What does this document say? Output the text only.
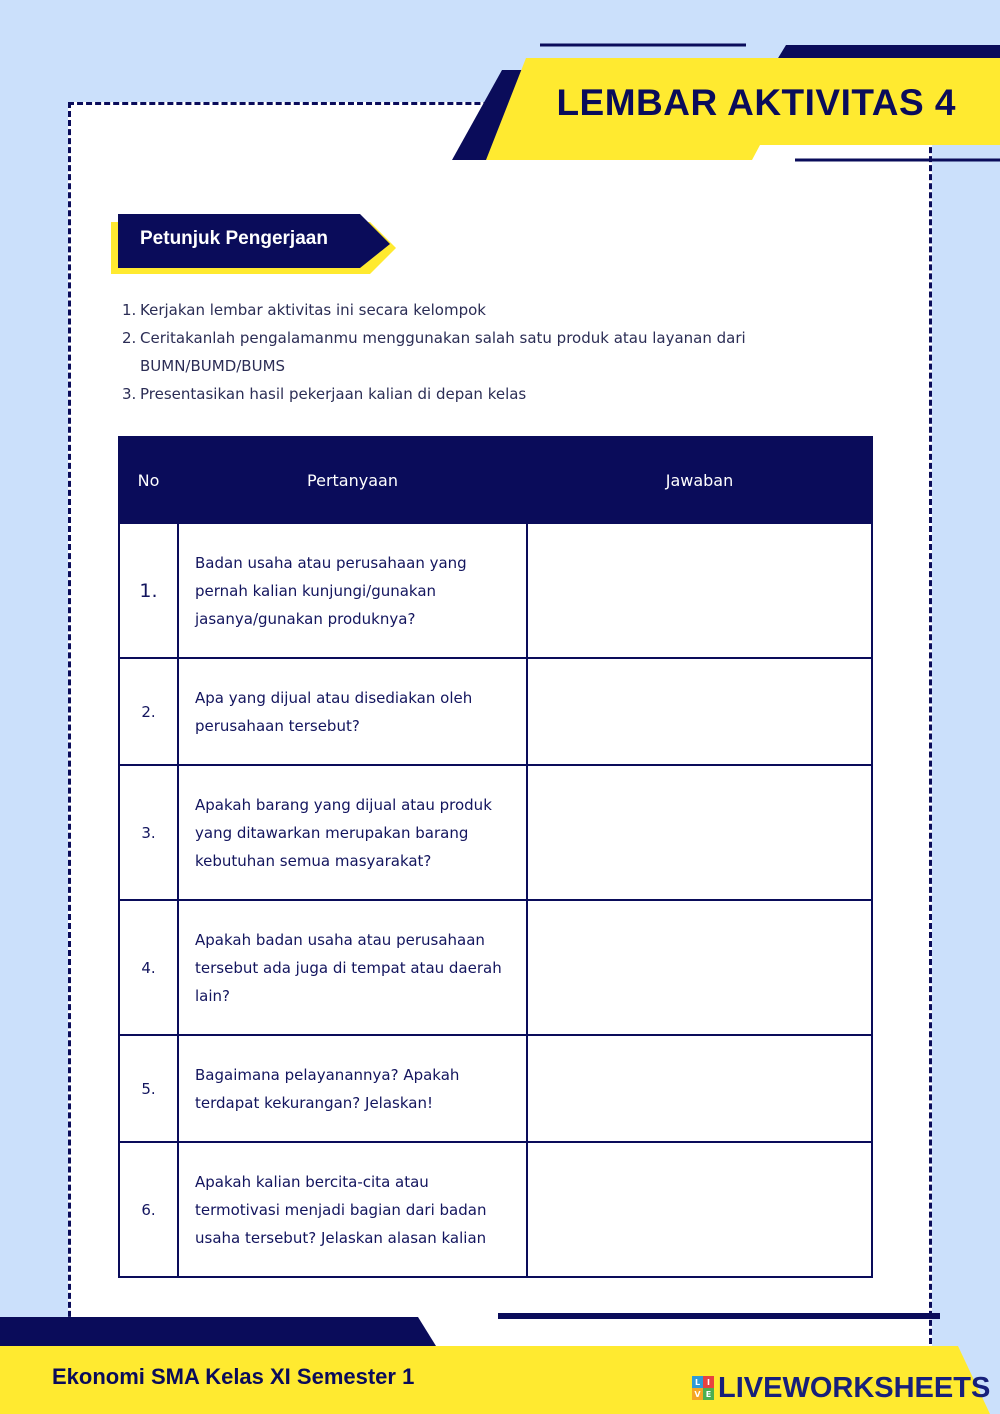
LEMBAR AKTIVITAS 4
Petunjuk Pengerjaan
1. Kerjakan lembar aktivitas ini secara kelompok
2. Ceritakanlah pengalamanmu menggunakan salah satu produk atau layanan dari BUMN/BUMD/BUMS
3. Presentasikan hasil pekerjaan kalian di depan kelas
No	Pertanyaan	Jawaban
1.	Badan usaha atau perusahaan yang pernah kalian kunjungi/gunakan jasanya/gunakan produknya?	
2.	Apa yang dijual atau disediakan oleh perusahaan tersebut?	
3.	Apakah barang yang dijual atau produk yang ditawarkan merupakan barang kebutuhan semua masyarakat?	
4.	Apakah badan usaha atau perusahaan tersebut ada juga di tempat atau daerah lain?	
5.	Bagaimana pelayanannya? Apakah terdapat kekurangan? Jelaskan!	
6.	Apakah kalian bercita-cita atau termotivasi menjadi bagian dari badan usaha tersebut? Jelaskan alasan kalian	
Ekonomi SMA Kelas XI Semester 1	L I
V E LIVEWORKSHEETS
